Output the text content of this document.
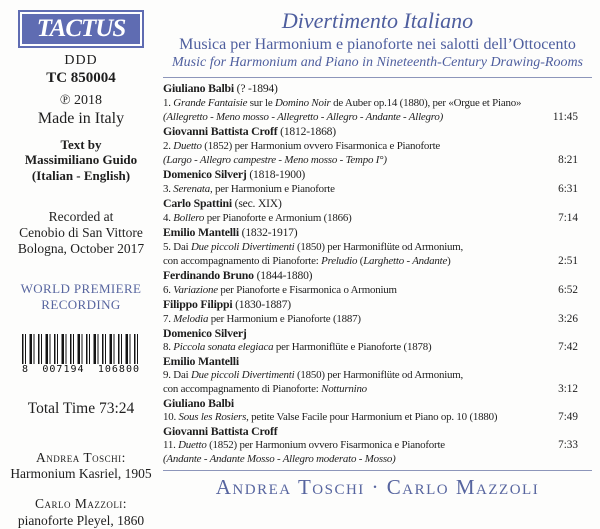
TACTUS
DDD
TC 850004
℗ 2018
Made in Italy
Text by
Massimiliano Guido
(Italian - English)
Recorded at
Cenobio di San Vittore
Bologna, October 2017
WORLD PREMIERE
RECORDING
8 007194 106800
Total Time 73:24
Andrea Toschi:
Harmonium Kasriel, 1905
Carlo Mazzoli:
pianoforte Pleyel, 1860
Divertimento Italiano
Musica per Harmonium e pianoforte nei salotti dell’Ottocento
Music for Harmonium and Piano in Nineteenth-Century Drawing-Rooms
Giuliano Balbi (? -1894)
1. Grande Fantaisie sur le Domino Noir de Auber op.14 (1880), per «Orgue et Piano»
(Allegretto - Meno mosso - Allegretto - Allegro - Andante - Allegro)	11:45
Giovanni Battista Croff (1812-1868)
2. Duetto (1852) per Harmonium ovvero Fisarmonica e Pianoforte
(Largo - Allegro campestre - Meno mosso - Tempo I°)	8:21
Domenico Silverj (1818-1900)
3. Serenata, per Harmonium e Pianoforte	6:31
Carlo Spattini (sec. XIX)
4. Bollero per Pianoforte e Armonium (1866)	7:14
Emilio Mantelli (1832-1917)
5. Dai Due piccoli Divertimenti (1850) per Harmoniflüte od Armonium,
con accompagnamento di Pianoforte: Preludio (Larghetto - Andante)	2:51
Ferdinando Bruno (1844-1880)
6. Variazione per Pianoforte e Fisarmonica o Armonium	6:52
Filippo Filippi (1830-1887)
7. Melodia per Harmonium e Pianoforte (1887)	3:26
Domenico Silverj
8. Piccola sonata elegiaca per Harmoniflüte e Pianoforte (1878)	7:42
Emilio Mantelli
9. Dai Due piccoli Divertimenti (1850) per Harmoniflüte od Armonium,
con accompagnamento di Pianoforte: Notturnino	3:12
Giuliano Balbi
10. Sous les Rosiers, petite Valse Facile pour Harmonium et Piano op. 10 (1880)	7:49
Giovanni Battista Croff
11. Duetto (1852) per Harmonium ovvero Fisarmonica e Pianoforte	7:33
(Andante - Andante Mosso - Allegro moderato - Mosso)
Andrea Toschi · Carlo Mazzoli
